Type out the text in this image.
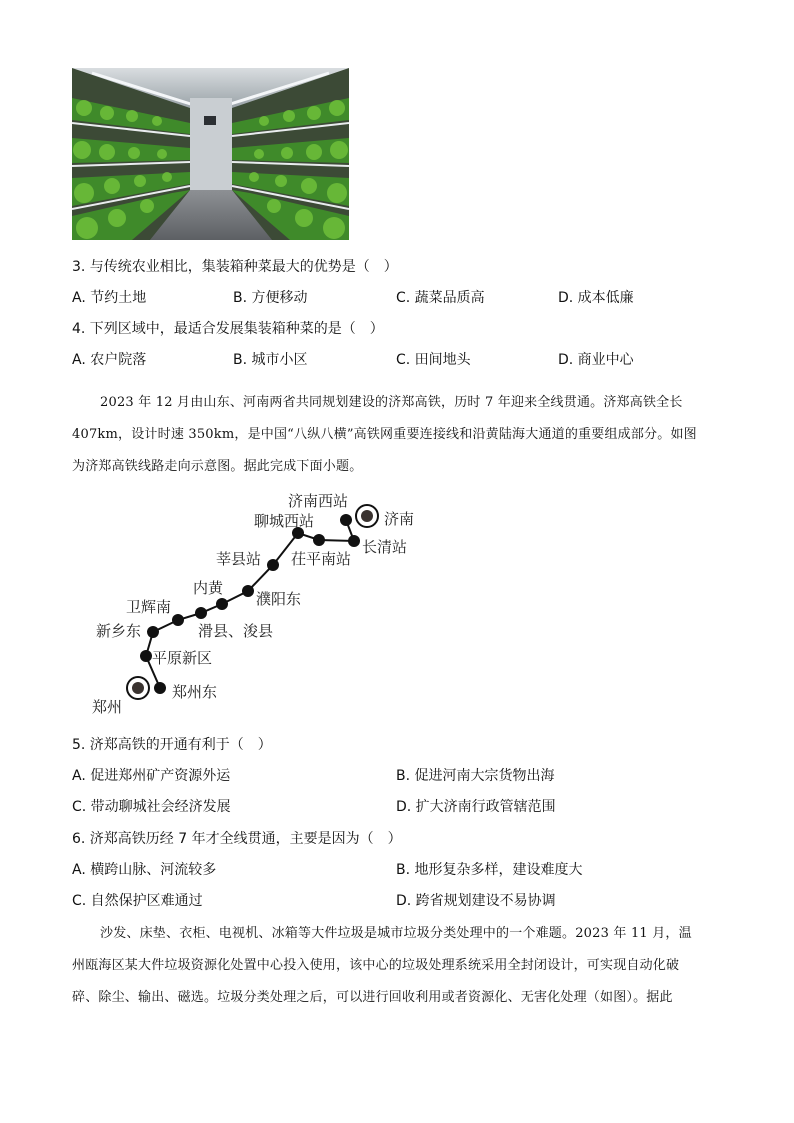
3. 与传统农业相比，集装箱种菜最大的优势是（　）
A. 节约土地	B. 方便移动	C. 蔬菜品质高	D. 成本低廉
4. 下列区域中，最适合发展集装箱种菜的是（　）
A. 农户院落	B. 城市小区	C. 田间地头	D. 商业中心
2023 年 12 月由山东、河南两省共同规划建设的济郑高铁，历时 7 年迎来全线贯通。济郑高铁全长
407km，设计时速 350km，是中国“八纵八横”高铁网重要连接线和沿黄陆海大通道的重要组成部分。如图
为济郑高铁线路走向示意图。据此完成下面小题。
济南西站
济南
聊城西站
长清站
茌平南站
莘县站
内黄
濮阳东
卫辉南
新乡东	滑县、浚县
平原新区
郑州东
郑州
5. 济郑高铁的开通有利于（　）
A. 促进郑州矿产资源外运	B. 促进河南大宗货物出海
C. 带动聊城社会经济发展	D. 扩大济南行政管辖范围
6. 济郑高铁历经 7 年才全线贯通，主要是因为（　）
A. 横跨山脉、河流较多	B. 地形复杂多样，建设难度大
C. 自然保护区难通过	D. 跨省规划建设不易协调
沙发、床垫、衣柜、电视机、冰箱等大件垃圾是城市垃圾分类处理中的一个难题。2023 年 11 月，温
州瓯海区某大件垃圾资源化处置中心投入使用，该中心的垃圾处理系统采用全封闭设计，可实现自动化破
碎、除尘、输出、磁选。垃圾分类处理之后，可以进行回收利用或者资源化、无害化处理（如图）。据此
